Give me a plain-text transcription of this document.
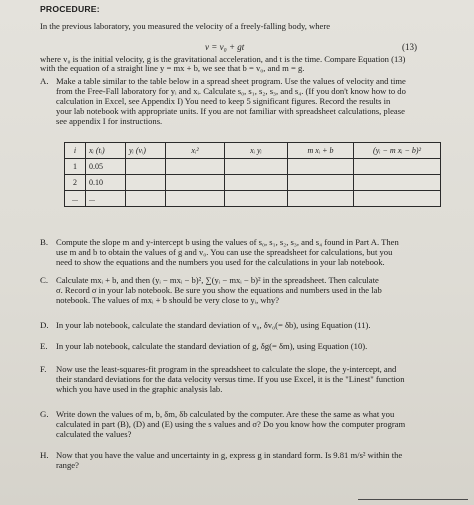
PROCEDURE:
In the previous laboratory, you measured the velocity of a freely-falling body, where
v = v₀ + gt	(13)
where v₀ is the initial velocity, g is the gravitational acceleration, and t is the time. Compare Equation (13)
with the equation of a straight line y = mx + b, we see that b = v₀, and m = g.
A. Make a table similar to the table below in a spread sheet program. Use the values of velocity and time
from the Free-Fall laboratory for yᵢ and xᵢ. Calculate s₀, s₁, s₂, s₃, and s₄. (If you don't know how to do
calculation in Excel, see Appendix I) You need to keep 5 significant figures. Record the results in
your lab notebook with appropriate units. If you are not familiar with spreadsheet calculations, please
see appendix I for instructions.
i	xᵢ (tᵢ)	yᵢ (vᵢ)	xᵢ²	xᵢ yᵢ	m xᵢ + b	(yᵢ − m xᵢ − b)²
1	0.05					
2	0.10					
...	...					
B. Compute the slope m and y-intercept b using the values of s₀, s₁, s₂, s₃, and s₄ found in Part A. Then
use m and b to obtain the values of g and v₀. You can use the spreadsheet for calculations, but you
need to show the equations and the numbers you used for the calculations in your lab notebook.
C. Calculate mxᵢ + b, and then (yᵢ − mxᵢ − b)², ∑(yᵢ − mxᵢ − b)² in the spreadsheet. Then calculate
σ. Record σ in your lab notebook. Be sure you show the equations and numbers used in the lab
notebook. The values of mxᵢ + b should be very close to yᵢ, why?
D. In your lab notebook, calculate the standard deviation of v₀, δv₀(= δb), using Equation (11).
E. In your lab notebook, calculate the standard deviation of g, δg(= δm), using Equation (10).
F. Now use the least-squares-fit program in the spreadsheet to calculate the slope, the y-intercept, and
their standard deviations for the data velocity versus time. If you use Excel, it is the "Linest" function
which you have used in the graphic analysis lab.
G. Write down the values of m, b, δm, δb calculated by the computer. Are these the same as what you
calculated in part (B), (D) and (E) using the s values and σ? Do you know how the computer program
calculated the values?
H. Now that you have the value and uncertainty in g, express g in standard form. Is 9.81 m/s² within the
range?
